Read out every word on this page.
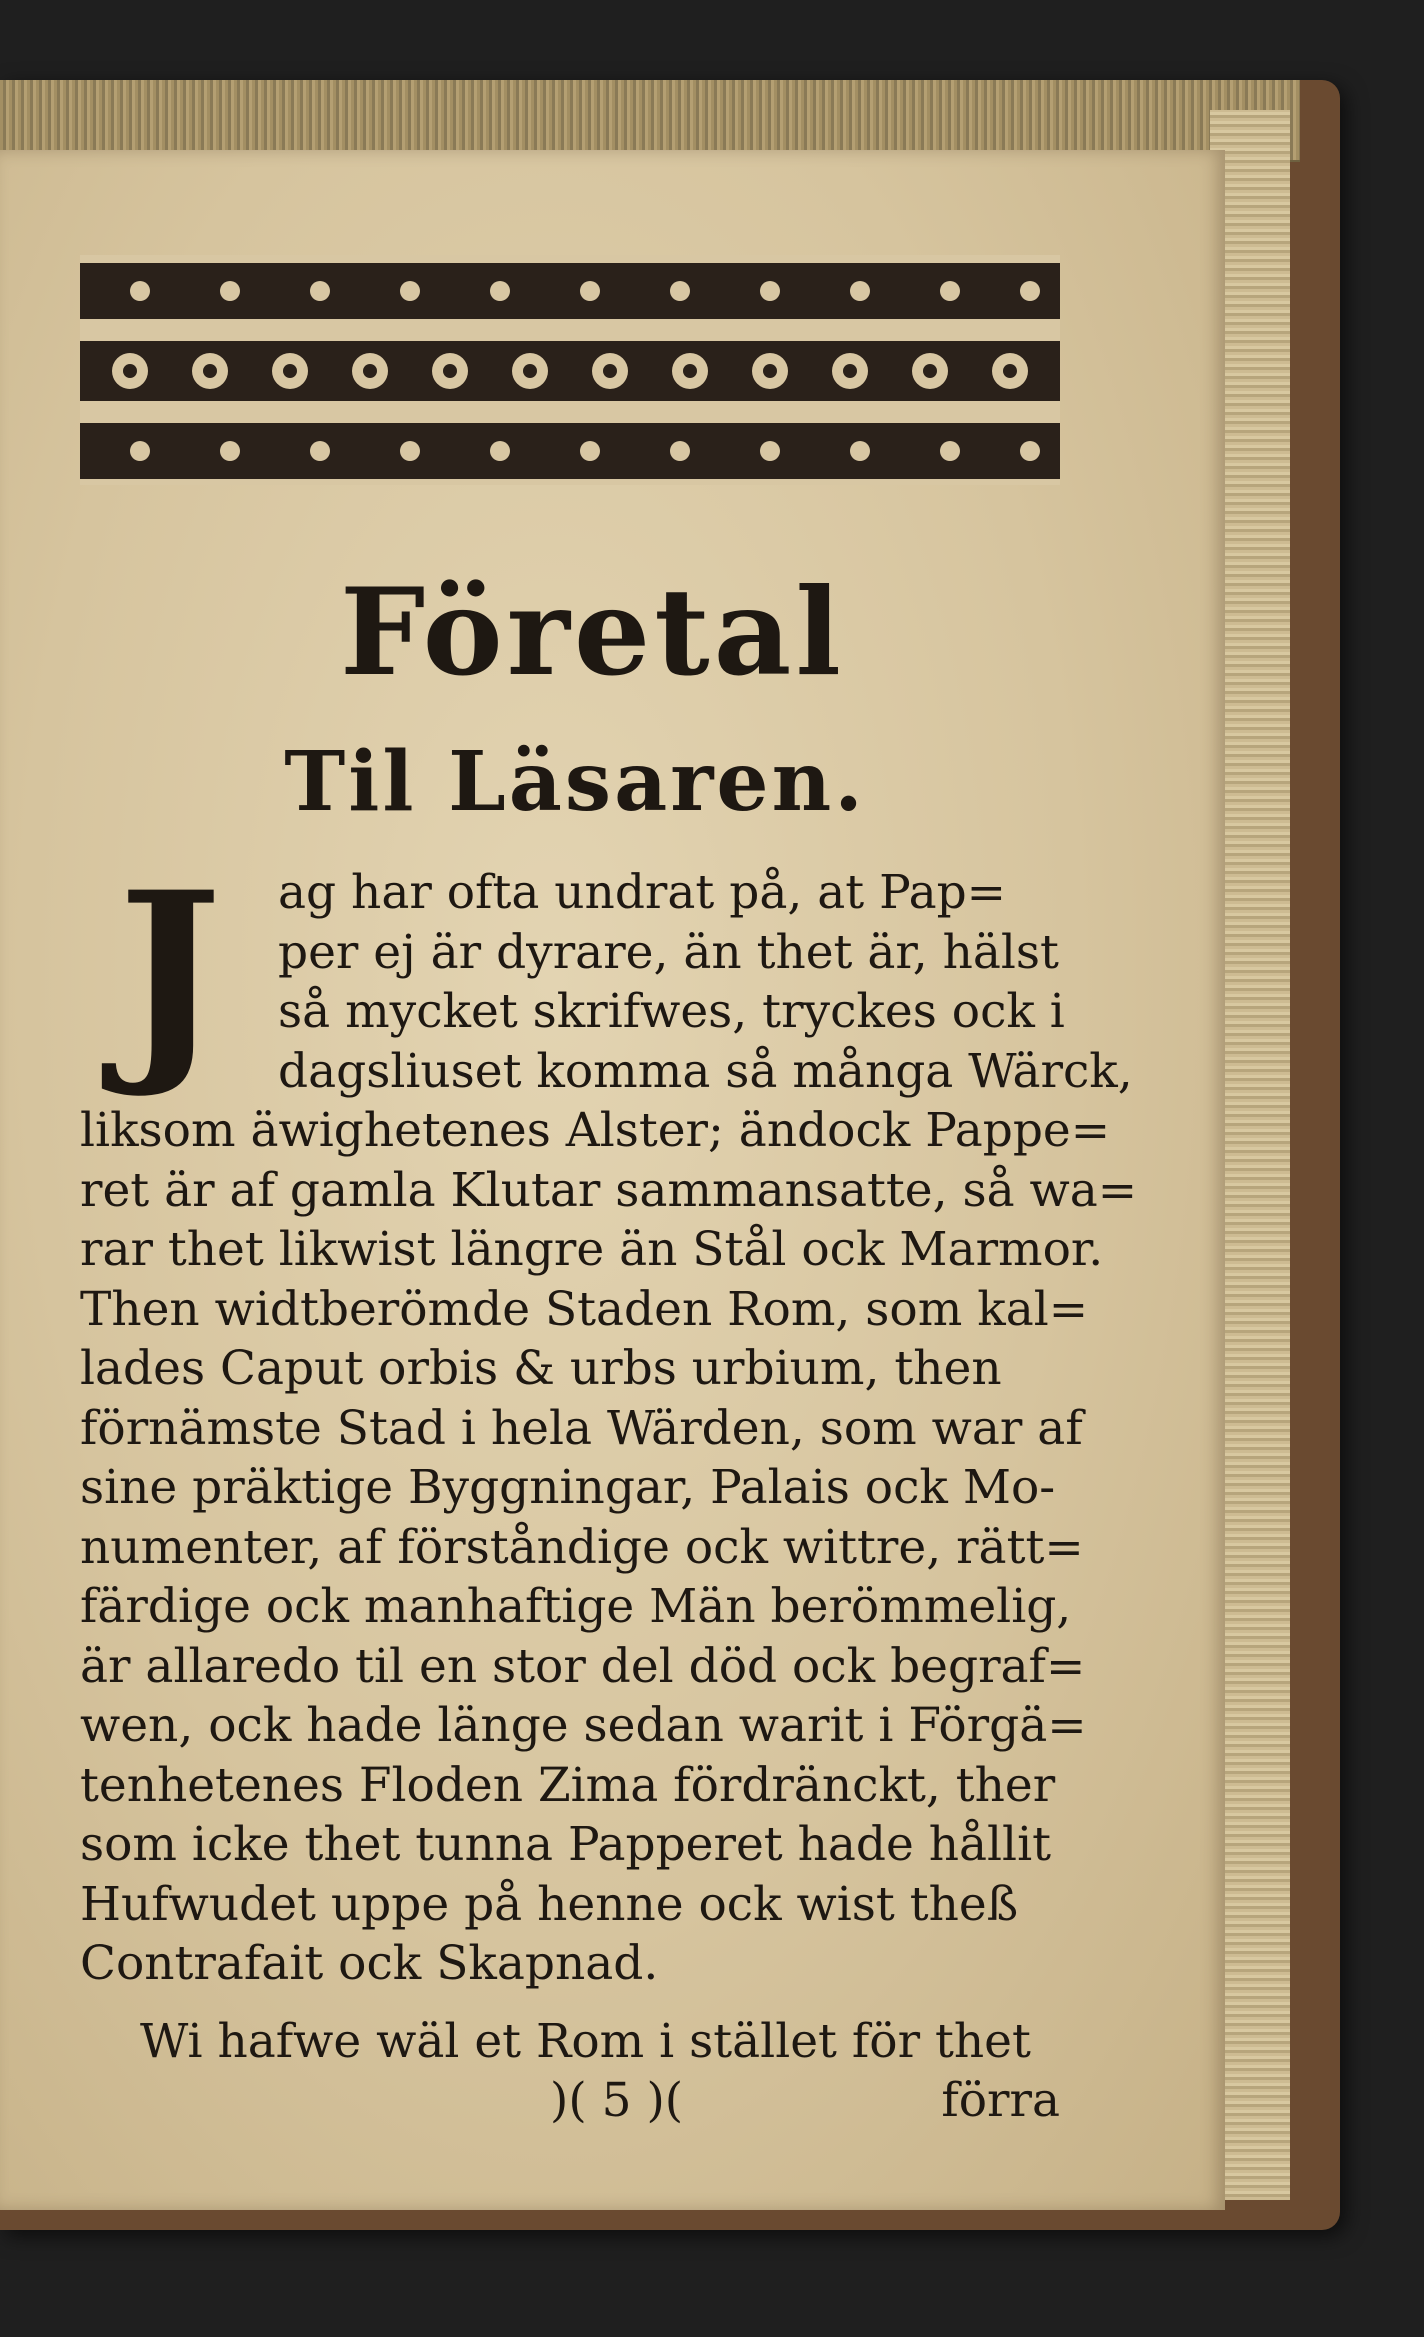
Företal
Til Läsaren.
J	ag har ofta undrat på, at Pap=
per ej är dyrare, än thet är, hälst
så mycket skrifwes, tryckes ock i
dagsliuset komma så många Wärck,
liksom äwighetenes Alster; ändock Pappe=
ret är af gamla Klutar sammansatte, så wa=
rar thet likwist längre än Stål ock Marmor.
Then widtberömde Staden Rom, som kal=
lades Caput orbis & urbs urbium, then
förnämste Stad i hela Wärden, som war af
sine präktige Byggningar, Palais ock Mo-
numenter, af förståndige ock wittre, rätt=
färdige ock manhaftige Män berömmelig,
är allaredo til en stor del död ock begraf=
wen, ock hade länge sedan warit i Förgä=
tenhetenes Floden Zima fördränckt, ther
som icke thet tunna Papperet hade hållit
Hufwudet uppe på henne ock wist theß
Contrafait ock Skapnad.
Wi hafwe wäl et Rom i stället för thet
)( 5 )(	förra
